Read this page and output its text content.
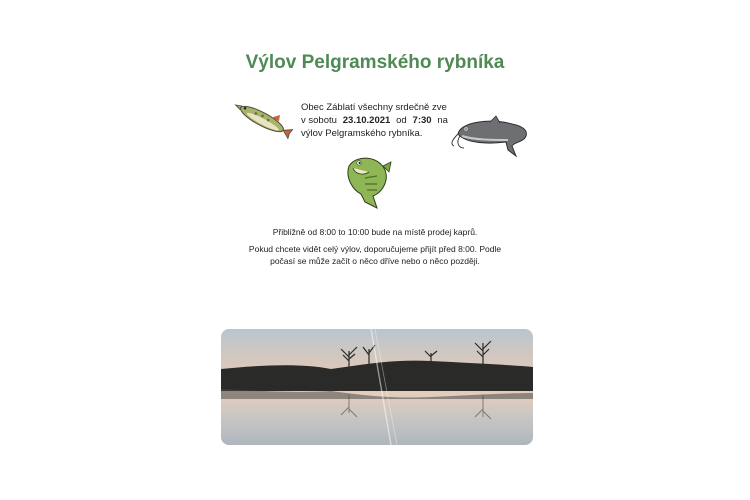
Výlov Pelgramského rybníka
Obec Záblatí všechny srdečně zve
v sobotu 23.10.2021 od 7:30 na
výlov Pelgramského rybníka.
Přibližně od 8:00 to 10:00 bude na místě prodej kaprů.
Pokud chcete vidět celý výlov, doporučujeme přijít před 8:00. Podle
počasí se může začít o něco dříve nebo o něco později.
